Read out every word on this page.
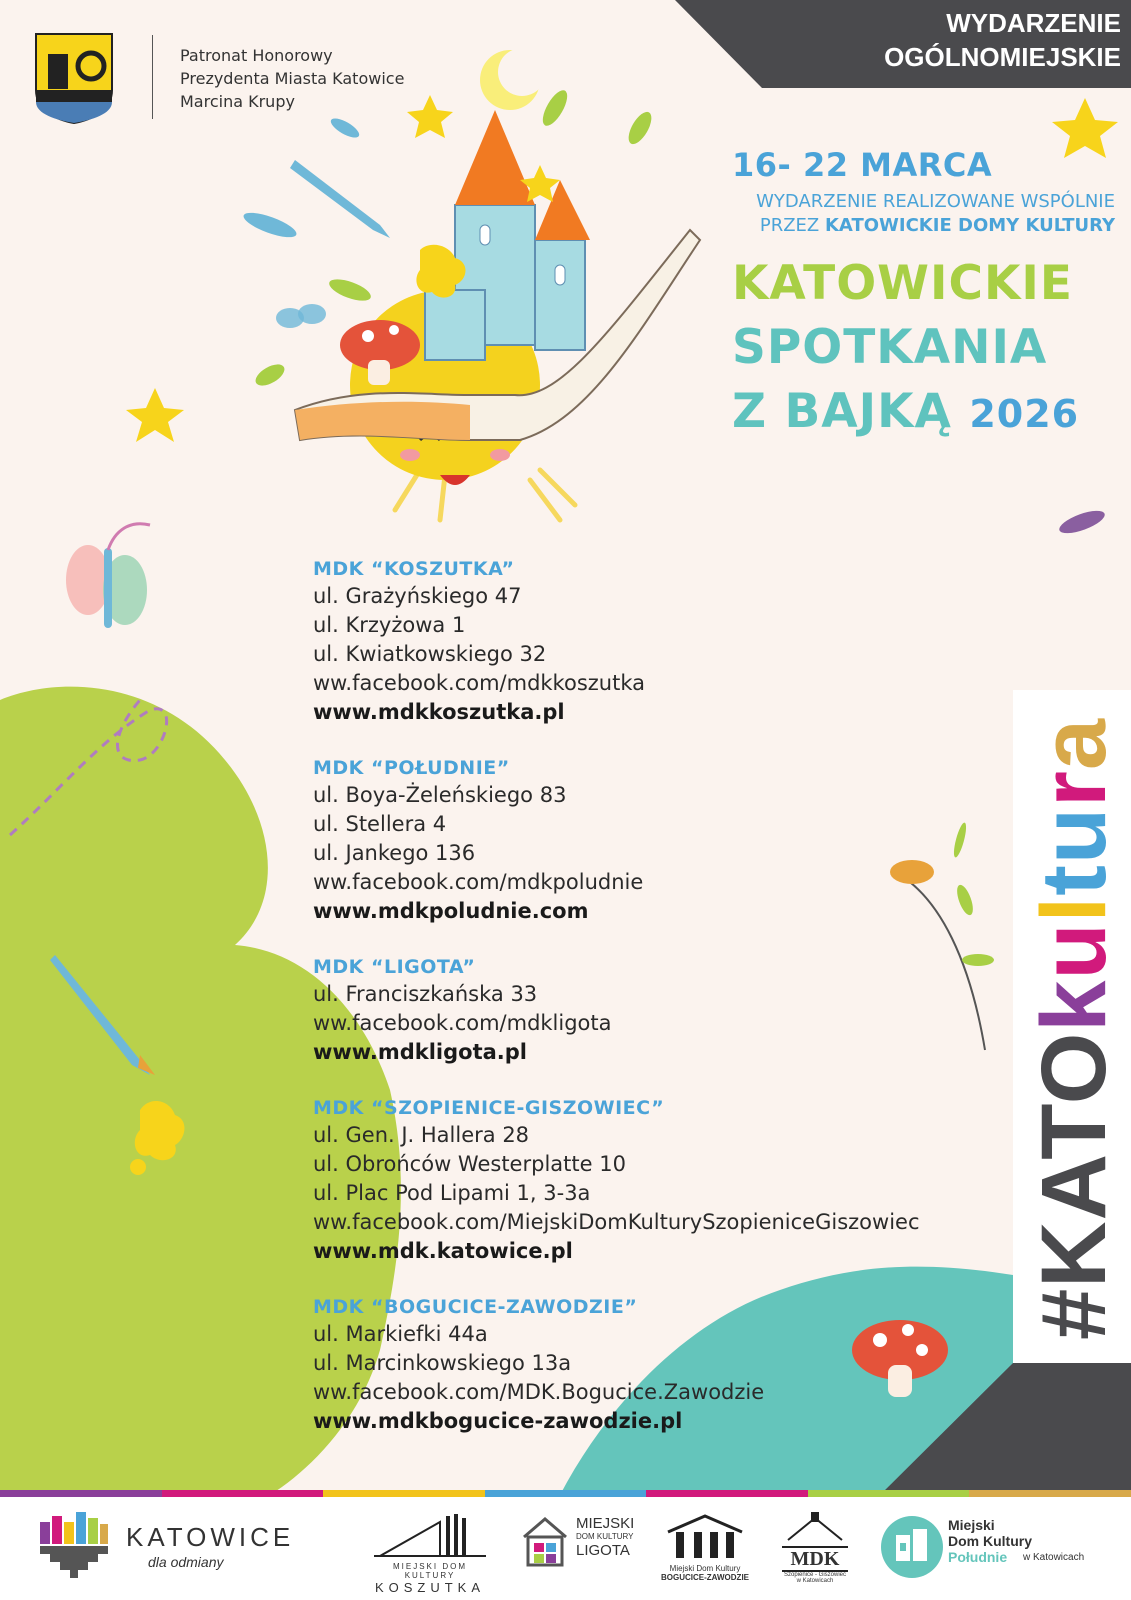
Patronat Honorowy
Prezydenta Miasta Katowice
Marcina Krupy
WYDARZENIE
OGÓLNOMIEJSKIE
16- 22 MARCA
WYDARZENIE REALIZOWANE WSPÓLNIE
PRZEZ KATOWICKIE DOMY KULTURY
KATOWICKIE
SPOTKANIA
Z BAJKĄ 2026
MDK “KOSZUTKA”
ul. Grażyńskiego 47
ul. Krzyżowa 1
ul. Kwiatkowskiego 32
ww.facebook.com/mdkkoszutka
www.mdkkoszutka.pl
MDK “POŁUDNIE”
ul. Boya-Żeleńskiego 83
ul. Stellera 4
ul. Jankego 136
ww.facebook.com/mdkpoludnie
www.mdkpoludnie.com
MDK “LIGOTA”
ul. Franciszkańska 33
ww.facebook.com/mdkligota
www.mdkligota.pl
MDK “SZOPIENICE-GISZOWIEC”
ul. Gen. J. Hallera 28
ul. Obrońców Westerplatte 10
ul. Plac Pod Lipami 1, 3-3a
ww.facebook.com/MiejskiDomKulturySzopieniceGiszowiec
www.mdk.katowice.pl
MDK “BOGUCICE-ZAWODZIE”
ul. Markiefki 44a
ul. Marcinkowskiego 13a
ww.facebook.com/MDK.Bogucice.Zawodzie
www.mdkbogucice-zawodzie.pl
#KATOkultura
KATOWICE
dla odmiany	MIEJSKI DOM KULTURY
KOSZUTKA
MIEJSKI
DOM KULTURY
LIGOTA
Miejski Dom Kultury
BOGUCICE-ZAWODZIE
MDK
Szopienice - Giszowiec
w Katowicach
Miejski
Dom Kultury
Południe w Katowicach
